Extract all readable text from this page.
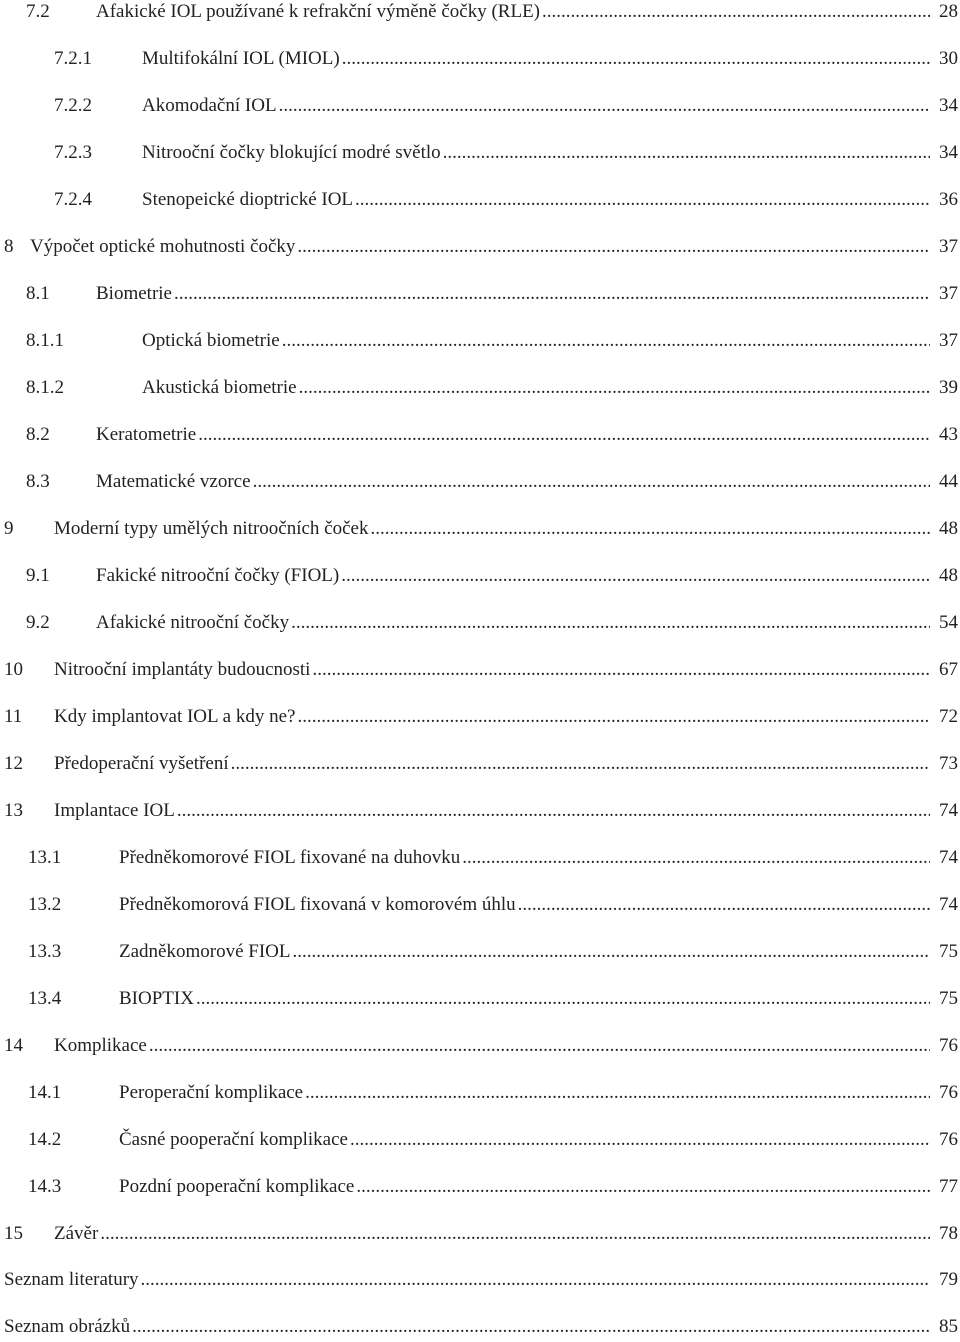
7.2 Afakické IOL používané k refrakční výměně čočky (RLE) .....	28
7.2.1	Multifokální IOL (MIOL) .....	30
7.2.2	Akomodační IOL .....	34
7.2.3	Nitrooční čočky blokující modré světlo .....	34
7.2.4	Stenopeické dioptrické IOL .....	36
8 Výpočet optické mohutnosti čočky .....	37
8.1 Biometrie .....	37
8.1.1	Optická biometrie .....	37
8.1.2	Akustická biometrie .....	39
8.2 Keratometrie .....	43
8.3 Matematické vzorce .....	44
9 Moderní typy umělých nitroočních čoček .....	48
9.1 Fakické nitrooční čočky (FIOL) .....	48
9.2 Afakické nitrooční čočky .....	54
10 Nitrooční implantáty budoucnosti .....	67
11 Kdy implantovat IOL a kdy ne? .....	72
12 Předoperační vyšetření .....	73
13 Implantace IOL .....	74
13.1	Předněkomorové FIOL fixované na duhovku .....	74
13.2	Předněkomorová FIOL fixovaná v komorovém úhlu .....	74
13.3	Zadněkomorové FIOL .....	75
13.4	BIOPTIX .....	75
14 Komplikace .....	76
14.1	Peroperační komplikace .....	76
14.2	Časné pooperační komplikace .....	76
14.3	Pozdní pooperační komplikace .....	77
15 Závěr .....	78
Seznam literatury .....	79
Seznam obrázků .....	85
